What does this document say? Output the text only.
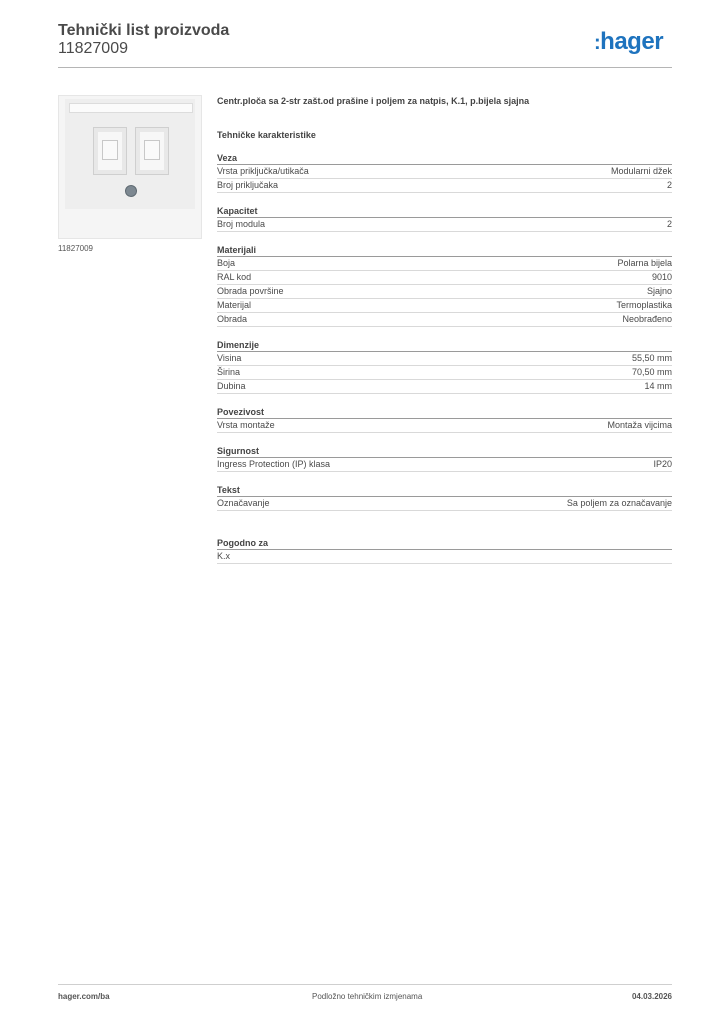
Tehnički list proizvoda
11827009	:hager
11827009
Centr.ploča sa 2-str zašt.od prašine i poljem za natpis, K.1, p.bijela sjajna
Tehničke karakteristike
Veza
Vrsta priključka/utikača	Modularni džek
Broj priključaka	2
Kapacitet
Broj modula	2
Materijali
Boja	Polarna bijela
RAL kod	9010
Obrada površine	Sjajno
Materijal	Termoplastika
Obrada	Neobrađeno
Dimenzije
Visina	55,50 mm
Širina	70,50 mm
Dubina	14 mm
Povezivost
Vrsta montaže	Montaža vijcima
Sigurnost
Ingress Protection (IP) klasa	IP20
Tekst
Označavanje	Sa poljem za označavanje
Pogodno za
K.x
hager.com/ba	Podložno tehničkim izmjenama	04.03.2026
